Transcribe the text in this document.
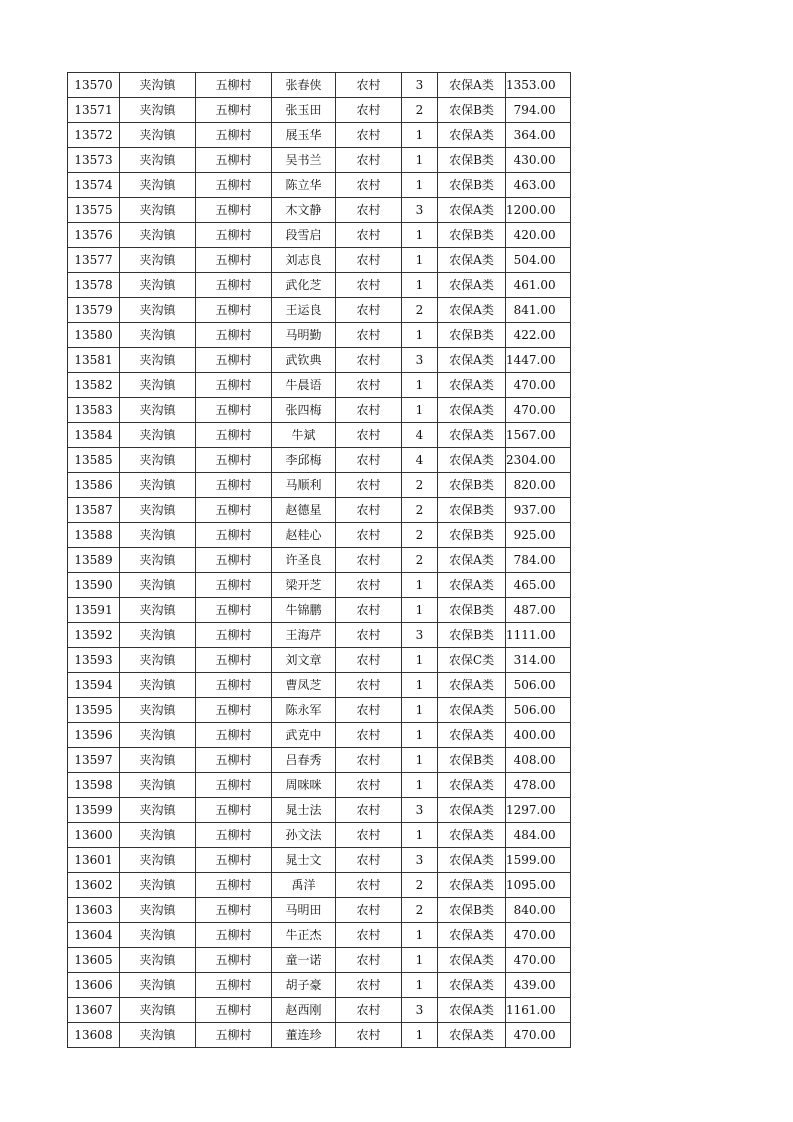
13570	夹沟镇	五柳村	张春侠	农村	3	农保A类	1353.00
13571	夹沟镇	五柳村	张玉田	农村	2	农保B类	794.00
13572	夹沟镇	五柳村	展玉华	农村	1	农保A类	364.00
13573	夹沟镇	五柳村	吴书兰	农村	1	农保B类	430.00
13574	夹沟镇	五柳村	陈立华	农村	1	农保B类	463.00
13575	夹沟镇	五柳村	木文静	农村	3	农保A类	1200.00
13576	夹沟镇	五柳村	段雪启	农村	1	农保B类	420.00
13577	夹沟镇	五柳村	刘志良	农村	1	农保A类	504.00
13578	夹沟镇	五柳村	武化芝	农村	1	农保A类	461.00
13579	夹沟镇	五柳村	王运良	农村	2	农保A类	841.00
13580	夹沟镇	五柳村	马明勤	农村	1	农保B类	422.00
13581	夹沟镇	五柳村	武钦典	农村	3	农保A类	1447.00
13582	夹沟镇	五柳村	牛晨语	农村	1	农保A类	470.00
13583	夹沟镇	五柳村	张四梅	农村	1	农保A类	470.00
13584	夹沟镇	五柳村	牛斌	农村	4	农保A类	1567.00
13585	夹沟镇	五柳村	李邱梅	农村	4	农保A类	2304.00
13586	夹沟镇	五柳村	马顺利	农村	2	农保B类	820.00
13587	夹沟镇	五柳村	赵德星	农村	2	农保B类	937.00
13588	夹沟镇	五柳村	赵桂心	农村	2	农保B类	925.00
13589	夹沟镇	五柳村	许圣良	农村	2	农保A类	784.00
13590	夹沟镇	五柳村	梁开芝	农村	1	农保A类	465.00
13591	夹沟镇	五柳村	牛锦鹏	农村	1	农保B类	487.00
13592	夹沟镇	五柳村	王海芹	农村	3	农保B类	1111.00
13593	夹沟镇	五柳村	刘文章	农村	1	农保C类	314.00
13594	夹沟镇	五柳村	曹凤芝	农村	1	农保A类	506.00
13595	夹沟镇	五柳村	陈永军	农村	1	农保A类	506.00
13596	夹沟镇	五柳村	武克中	农村	1	农保A类	400.00
13597	夹沟镇	五柳村	吕春秀	农村	1	农保B类	408.00
13598	夹沟镇	五柳村	周咪咪	农村	1	农保A类	478.00
13599	夹沟镇	五柳村	晁士法	农村	3	农保A类	1297.00
13600	夹沟镇	五柳村	孙文法	农村	1	农保A类	484.00
13601	夹沟镇	五柳村	晁士文	农村	3	农保A类	1599.00
13602	夹沟镇	五柳村	禹洋	农村	2	农保A类	1095.00
13603	夹沟镇	五柳村	马明田	农村	2	农保B类	840.00
13604	夹沟镇	五柳村	牛正杰	农村	1	农保A类	470.00
13605	夹沟镇	五柳村	童一诺	农村	1	农保A类	470.00
13606	夹沟镇	五柳村	胡子豪	农村	1	农保A类	439.00
13607	夹沟镇	五柳村	赵西刚	农村	3	农保A类	1161.00
13608	夹沟镇	五柳村	董连珍	农村	1	农保A类	470.00
